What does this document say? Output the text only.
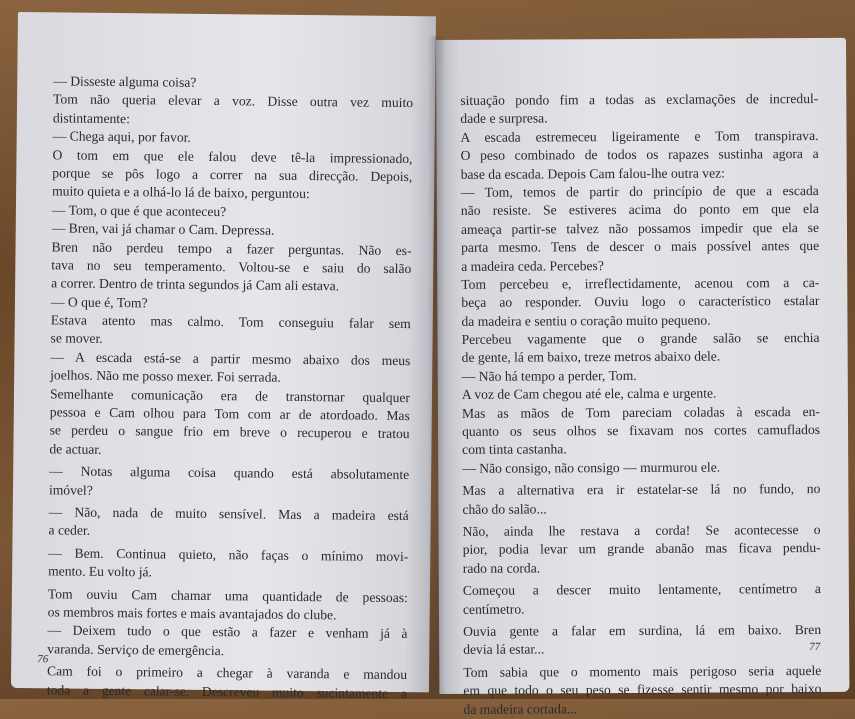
— Disseste alguma coisa?
Tom não queria elevar a voz. Disse outra vez muito
distintamente:
— Chega aqui, por favor.
O tom em que ele falou deve tê-la impressionado,
porque se pôs logo a correr na sua direcção. Depois,
muito quieta e a olhá-lo lá de baixo, perguntou:
— Tom, o que é que aconteceu?
— Bren, vai já chamar o Cam. Depressa.
Bren não perdeu tempo a fazer perguntas. Não es-
tava no seu temperamento. Voltou-se e saiu do salão
a correr. Dentro de trinta segundos já Cam ali estava.
— O que é, Tom?
Estava atento mas calmo. Tom conseguiu falar sem
se mover.
— A escada está-se a partir mesmo abaixo dos meus
joelhos. Não me posso mexer. Foi serrada.
Semelhante comunicação era de transtornar qualquer
pessoa e Cam olhou para Tom com ar de atordoado. Mas
se perdeu o sangue frio em breve o recuperou e tratou
de actuar.
— Notas alguma coisa quando está absolutamente
imóvel?
— Não, nada de muito sensível. Mas a madeira está
a ceder.
— Bem. Continua quieto, não faças o mínimo movi-
mento. Eu volto já.
Tom ouviu Cam chamar uma quantidade de pessoas:
os membros mais fortes e mais avantajados do clube.
— Deixem tudo o que estão a fazer e venham já à
varanda. Serviço de emergência.
Cam foi o primeiro a chegar à varanda e mandou
toda a gente calar-se. Descreveu muito sucintamente a
76
situação pondo fim a todas as exclamações de incredul-
dade e surpresa.
A escada estremeceu ligeiramente e Tom transpirava.
O peso combinado de todos os rapazes sustinha agora a
base da escada. Depois Cam falou-lhe outra vez:
— Tom, temos de partir do princípio de que a escada
não resiste. Se estiveres acima do ponto em que ela
ameaça partir-se talvez não possamos impedir que ela se
parta mesmo. Tens de descer o mais possível antes que
a madeira ceda. Percebes?
Tom percebeu e, irreflectidamente, acenou com a ca-
beça ao responder. Ouviu logo o característico estalar
da madeira e sentiu o coração muito pequeno.
Percebeu vagamente que o grande salão se enchia
de gente, lá em baixo, treze metros abaixo dele.
— Não há tempo a perder, Tom.
A voz de Cam chegou até ele, calma e urgente.
Mas as mãos de Tom pareciam coladas à escada en-
quanto os seus olhos se fixavam nos cortes camuflados
com tinta castanha.
— Não consigo, não consigo — murmurou ele.
Mas a alternativa era ir estatelar-se lá no fundo, no
chão do salão...
Não, ainda lhe restava a corda! Se acontecesse o
pior, podia levar um grande abanão mas ficava pendu-
rado na corda.
Começou a descer muito lentamente, centímetro a
centímetro.
Ouvia gente a falar em surdina, lá em baixo. Bren
devia lá estar...
Tom sabia que o momento mais perigoso seria aquele
em que todo o seu peso se fizesse sentir mesmo por baixo
da madeira cortada...
77
